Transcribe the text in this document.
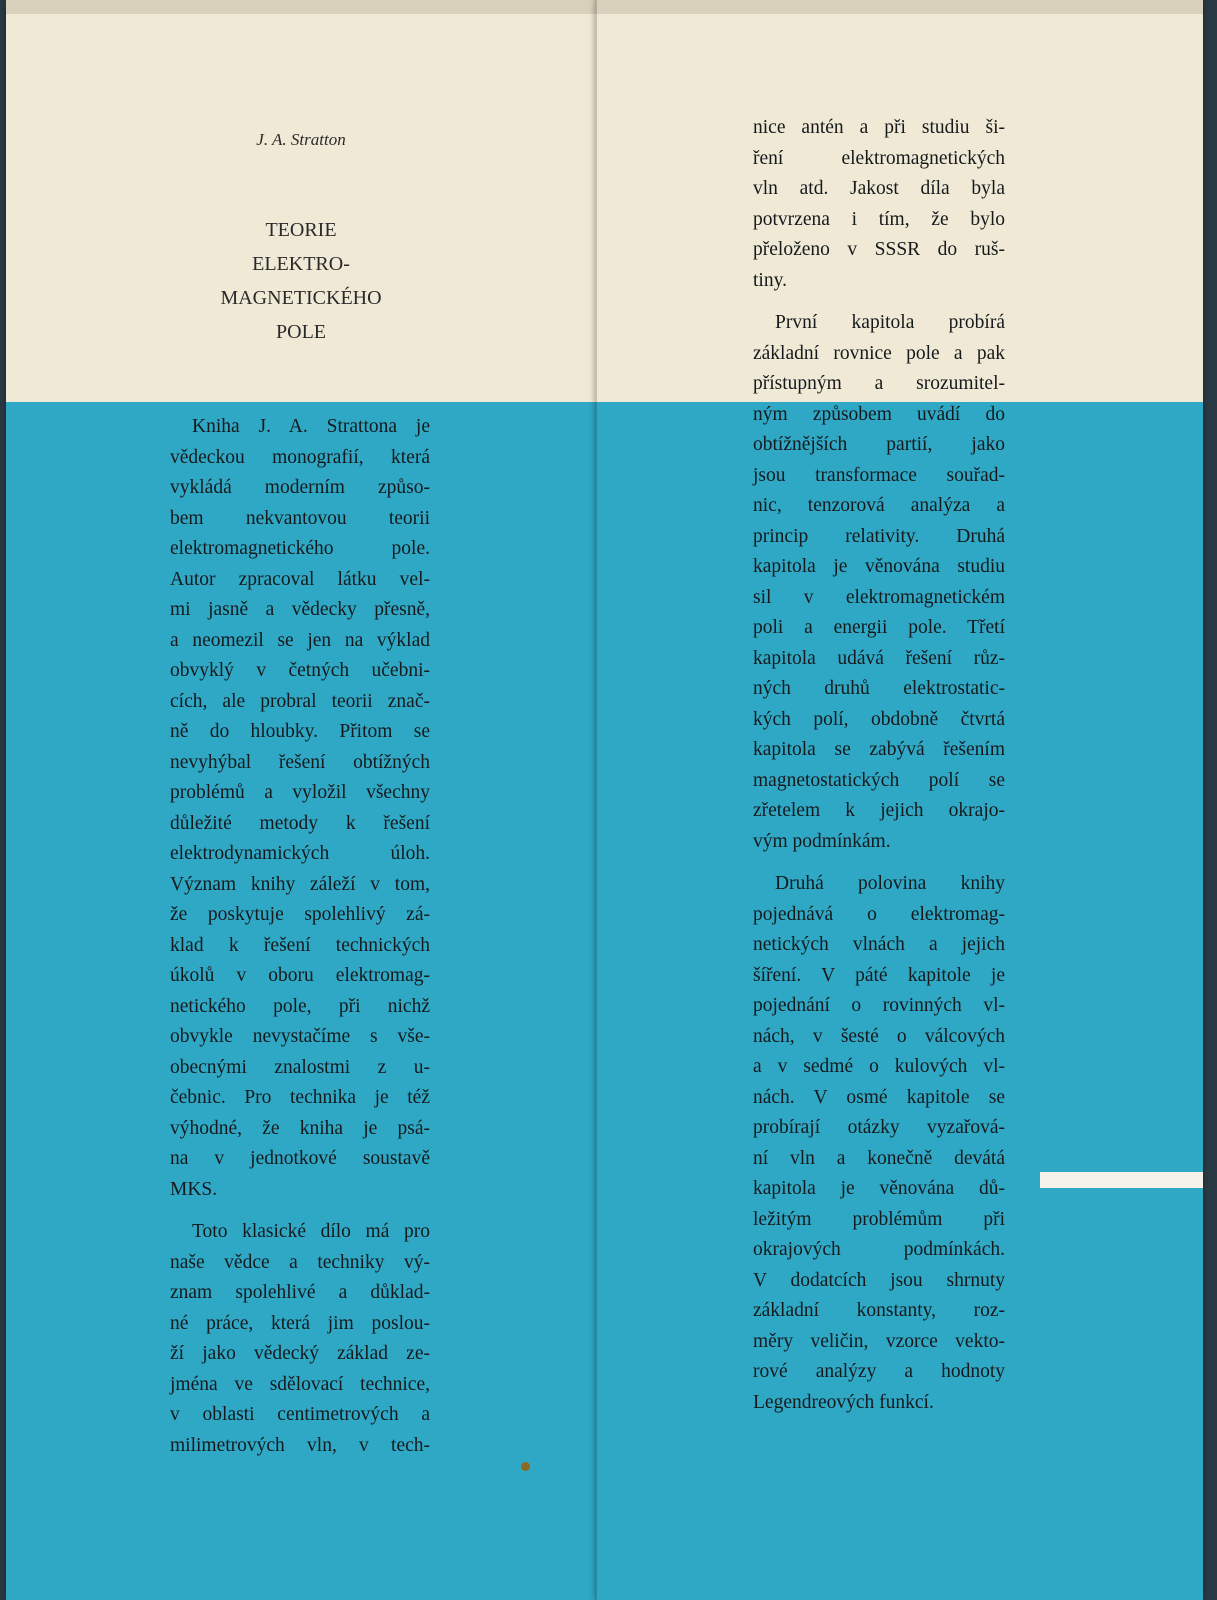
J. A. Stratton
TEORIE
ELEKTRO-
MAGNETICKÉHO
POLE
Kniha J. A. Strattona je
vědeckou monografií, která
vykládá moderním způso-
bem nekvantovou teorii
elektromagnetického pole.
Autor zpracoval látku vel-
mi jasně a vědecky přesně,
a neomezil se jen na výklad
obvyklý v četných učebni-
cích, ale probral teorii znač-
ně do hloubky. Přitom se
nevyhýbal řešení obtížných
problémů a vyložil všechny
důležité metody k řešení
elektrodynamických úloh.
Význam knihy záleží v tom,
že poskytuje spolehlivý zá-
klad k řešení technických
úkolů v oboru elektromag-
netického pole, při nichž
obvykle nevystačíme s vše-
obecnými znalostmi z u-
čebnic. Pro technika je též
výhodné, že kniha je psá-
na v jednotkové soustavě
MKS.
Toto klasické dílo má pro
naše vědce a techniky vý-
znam spolehlivé a důklad-
né práce, která jim poslou-
ží jako vědecký základ ze-
jména ve sdělovací technice,
v oblasti centimetrových a
milimetrových vln, v tech-
nice antén a při studiu ši-
ření elektromagnetických
vln atd. Jakost díla byla
potvrzena i tím, že bylo
přeloženo v SSSR do ruš-
tiny.
První kapitola probírá
základní rovnice pole a pak
přístupným a srozumitel-
ným způsobem uvádí do
obtížnějších partií, jako
jsou transformace souřad-
nic, tenzorová analýza a
princip relativity. Druhá
kapitola je věnována studiu
sil v elektromagnetickém
poli a energii pole. Třetí
kapitola udává řešení růz-
ných druhů elektrostatic-
kých polí, obdobně čtvrtá
kapitola se zabývá řešením
magnetostatických polí se
zřetelem k jejich okrajo-
vým podmínkám.
Druhá polovina knihy
pojednává o elektromag-
netických vlnách a jejich
šíření. V páté kapitole je
pojednání o rovinných vl-
nách, v šesté o válcových
a v sedmé o kulových vl-
nách. V osmé kapitole se
probírají otázky vyzařová-
ní vln a konečně devátá
kapitola je věnována dů-
ležitým problémům při
okrajových podmínkách.
V dodatcích jsou shrnuty
základní konstanty, roz-
měry veličin, vzorce vekto-
rové analýzy a hodnoty
Legendreových funkcí.
